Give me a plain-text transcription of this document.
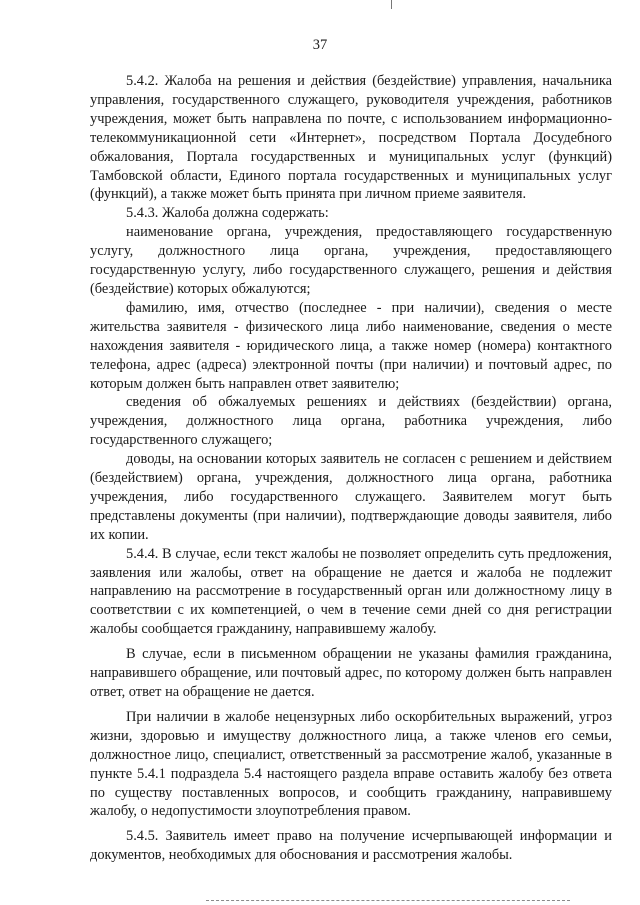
37

5.4.2. Жалоба на решения и действия (бездействие) управления, начальника управления, государственного служащего, руководителя учреждения, работников учреждения, может быть направлена по почте, с использованием информационно-телекоммуникационной сети «Интернет», посредством Портала Досудебного обжалования, Портала государственных и муниципальных услуг (функций) Тамбовской области, Единого портала государственных и муниципальных услуг (функций), а также может быть принята при личном приеме заявителя.

5.4.3. Жалоба должна содержать:

наименование органа, учреждения, предоставляющего государственную услугу, должностного лица органа, учреждения, предоставляющего государственную услугу, либо государственного служащего, решения и действия (бездействие) которых обжалуются;

фамилию, имя, отчество (последнее - при наличии), сведения о месте жительства заявителя - физического лица либо наименование, сведения о месте нахождения заявителя - юридического лица, а также номер (номера) контактного телефона, адрес (адреса) электронной почты (при наличии) и почтовый адрес, по которым должен быть направлен ответ заявителю;

сведения об обжалуемых решениях и действиях (бездействии) органа, учреждения, должностного лица органа, работника учреждения, либо государственного служащего;

доводы, на основании которых заявитель не согласен с решением и действием (бездействием) органа, учреждения, должностного лица органа, работника учреждения, либо государственного служащего. Заявителем могут быть представлены документы (при наличии), подтверждающие доводы заявителя, либо их копии.

5.4.4. В случае, если текст жалобы не позволяет определить суть предложения, заявления или жалобы, ответ на обращение не дается и жалоба не подлежит направлению на рассмотрение в государственный орган или должностному лицу в соответствии с их компетенцией, о чем в течение семи дней со дня регистрации жалобы сообщается гражданину, направившему жалобу.

В случае, если в письменном обращении не указаны фамилия гражданина, направившего обращение, или почтовый адрес, по которому должен быть направлен ответ, ответ на обращение не дается.

При наличии в жалобе нецензурных либо оскорбительных выражений, угроз жизни, здоровью и имуществу должностного лица, а также членов его семьи, должностное лицо, специалист, ответственный за рассмотрение жалоб, указанные в пункте 5.4.1 подраздела 5.4 настоящего раздела вправе оставить жалобу без ответа по существу поставленных вопросов, и сообщить гражданину, направившему жалобу, о недопустимости злоупотребления правом.

5.4.5. Заявитель имеет право на получение исчерпывающей информации и документов, необходимых для обоснования и рассмотрения жалобы.
